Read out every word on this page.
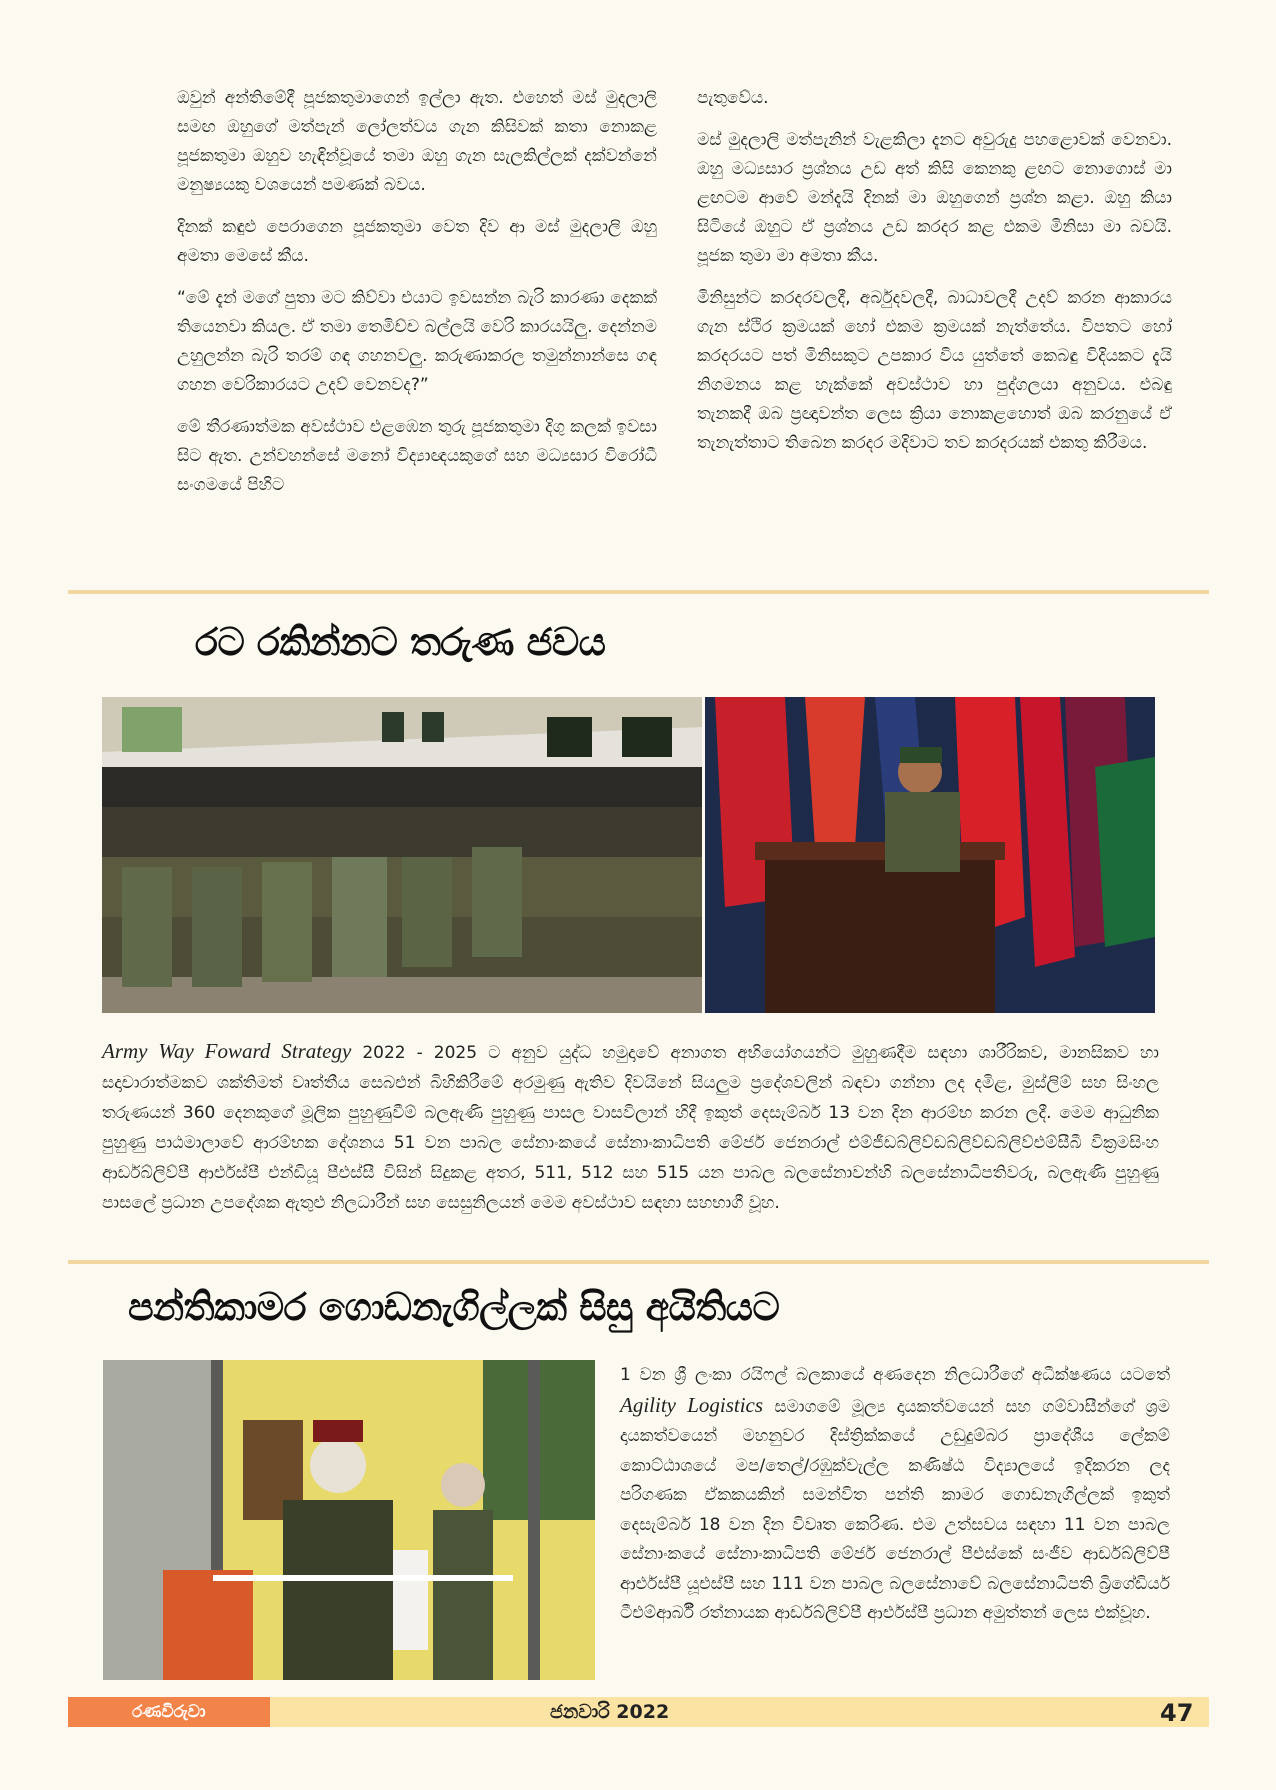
ඔවුන් අන්තිමේදී පූජකතුමාගෙන් ඉල්ලා ඇත. එහෙත් මස් මුදලාලි සමඟ ඔහුගේ මත්පැන් ලෝලත්වය ගැන කිසිවක් කතා නොකළ පූජකතුමා ඔහුව හැඳින්වූයේ තමා ඔහු ගැන සැලකිල්ලක් දක්වන්නේ මනුෂ්‍යයකු වශයෙන් පමණක් බවය.

දිනක් කඳුළු පෙරාගෙන පූජකතුමා වෙත දිව ආ මස් මුදලාලි ඔහු අමතා මෙසේ කීය.

“මේ දැන් මගේ පුතා මට කිව්වා එයාට ඉවසන්න බැරි කාරණා දෙකක් තියෙනවා කියල. ඒ තමා තෙමිච්ච බල්ලයි වෙරි කාරයයිලු. දෙන්නම උහුලන්න බැරි තරම් ගඳ ගහනවලු. කරුණාකරල තමුන්නාන්සෙ ගඳ ගහන වෙරිකාරයට උදව් වෙනවද?”

මේ තීරණාත්මක අවස්ථාව එළඹෙන තුරු පූජකතුමා දිගු කලක් ඉවසා සිට ඇත. උන්වහන්සේ මනෝ විද්‍යාඥයකුගේ සහ මධ්‍යසාර විරෝධී සංගමයේ පිහිට

පැතුවේය.

මස් මුදලාලි මත්පැනින් වැළකිලා දැනට අවුරුදු පහළොවක් වෙනවා. ඔහු මධ්‍යසාර ප්‍රශ්නය උඩ අත් කිසි කෙනකු ළඟට නොගොස් මා ළඟටම ආවේ මන්දැයි දිනක් මා ඔහුගෙන් ප්‍රශ්න කළා. ඔහු කියා සිටියේ ඔහුට ඒ ප්‍රශ්නය උඩ කරදර කළ එකම මිනිසා මා බවයි. පූජක තුමා මා අමතා කීය.

මිනිසුන්ට කරදරවලදී, අර්බුදවලදී, බාධාවලදී උදව් කරන ආකාරය ගැන ස්ථිර ක්‍රමයක් හෝ එකම ක්‍රමයක් නැත්තේය. විපතට හෝ කරදරයට පත් මිනිසකුට උපකාර විය යුත්තේ කෙබඳු විදියකට දැයි නිගමනය කළ හැක්කේ අවස්ථාව හා පුද්ගලයා අනුවය. එබඳු තැනකදී ඔබ ප්‍රඥාවන්ත ලෙස ක්‍රියා නොකළහොත් ඔබ කරනුයේ ඒ තැනැත්තාට තිබෙන කරදර මදිවාට තව කරදරයක් එකතු කිරීමය.

රට රකින්නට තරුණ ජවය
Army Way Foward Strategy 2022 - 2025 ට අනුව යුද්ධ හමුදාවේ අනාගත අභියෝගයන්ට මුහුණදීම සඳහා ශාරීරිකව, මානසිකව හා සදාචාරාත්මකව ශක්තිමත් වෘත්තීය සෙබළුන් බිහිකිරීමේ අරමුණු ඇතිව දිවයිනේ සියලුම ප්‍රදේශවලින් බඳවා ගන්නා ලද දමිළ, මුස්ලිම් සහ සිංහල තරුණයන් 360 දෙනකුගේ මූලික පුහුණුවීම් බලඇණි පුහුණු පාසල වාසවිලාන් හිදී ඉකුත් දෙසැම්බර් 13 වන දින ආරම්භ කරන ලදී. මෙම ආධුනික පුහුණු පාඨමාලාවේ ආරම්භක දේශනය 51 වන පාබල සේනාංකයේ සේනාංකාධිපති මේජර් ජෙනරාල් එම්ජීඩබ්ලිව්ඩබ්ලිව්ඩබ්ලිව්එම්සීබී වික්‍රමසිංහ ආර්ඩබ්ලිව්පී ආර්එස්පී එන්ඩියූ පීඑස්සී විසින් සිදුකළ අතර, 511, 512 සහ 515 යන පාබල බලසේනාවන්හි බලසේනාධිපතිවරු, බලඇණි පුහුණු පාසලේ ප්‍රධාන උපදේශක ඇතුළු නිලධාරීන් සහ සෙසුනිලයන් මෙම අවස්ථාව සඳහා සහභාගී වූහ.
පන්තිකාමර ගොඩනැගිල්ලක් සිසු අයිතියට
1 වන ශ්‍රී ලංකා රයිෆල් බලකායේ අණදෙන නිලධාරීගේ අධීක්ෂණය යටතේ Agility Logistics සමාගමේ මූල්‍ය දායකත්වයෙන් සහ ගම්වාසීන්ගේ ශ්‍රම දායකත්වයෙන් මහනුවර දිස්ත්‍රික්කයේ උඩුදුම්බර ප්‍රාදේශීය ලේකම් කොට්ඨාශයේ මප/තෙල්/රඹුක්වැල්ල කණිෂ්ඨ විද්‍යාලයේ ඉදිකරන ලද පරිගණක ඒකකයකින් සමන්විත පන්ති කාමර ගොඩනැගිල්ලක් ඉකුත් දෙසැම්බර් 18 වන දින විවෘත කෙරිණ. එම උත්සවය සඳහා 11 වන පාබල සේනාංකයේ සේනාංකාධිපති මේජර් ජෙනරාල් පීඑස්කේ සංජීව ආර්ඩබ්ලිව්පී ආර්එස්පී යූඑස්පී සහ 111 වන පාබල බලසේනාවේ බලසේනාධිපති බ්‍රිගේඩියර් ටීඑම්ආර්බී රත්නායක ආර්ඩබ්ලිව්පී ආර්එස්පී ප්‍රධාන අමුත්තන් ලෙස එක්වූහ.
රණවිරුවා	ජනවාරි 2022	47
